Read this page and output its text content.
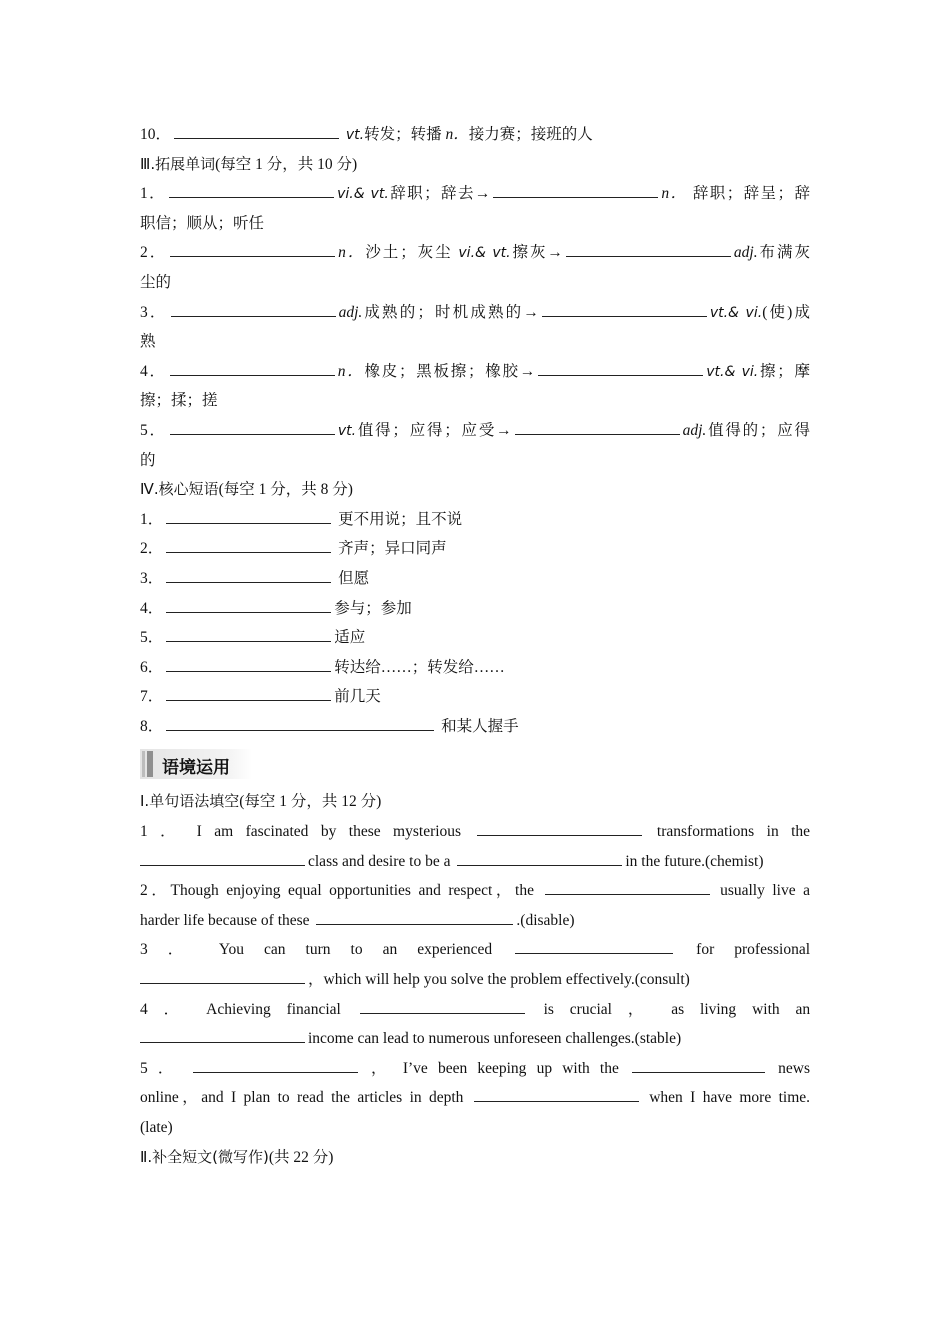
10．	vt.转发；转播 n．接力赛；接班的人
Ⅲ.拓展单词(每空 1 分，共 10 分)
1．	vi.& vt.辞职；辞去→	n． 辞职；辞呈；辞
职信；顺从；听任
2．	n．沙土；灰尘 vi.& vt.擦灰→	adj.布满灰
尘的
3．	adj.成熟的；时机成熟的→	vt.& vi.(使)成
熟
4．	n．橡皮；黑板擦；橡胶→	vt.& vi.擦；摩
擦；揉；搓
5．	vt.值得；应得；应受→	adj.值得的；应得
的
Ⅳ.核心短语(每空 1 分，共 8 分)
1．	更不用说；且不说
2．	齐声；异口同声
3．	但愿
4．	参与；参加
5．	适应
6．	转达给……；转发给……
7．	前几天
8．	和某人握手
语境运用
Ⅰ.单句语法填空(每空 1 分，共 12 分)
1 ． I am fascinated by these mysterious	transformations in the
class and desire to be a	in the future.(chemist)
2．Though enjoying equal opportunities and respect，the	usually live a
harder life because of these	.(disable)
3 ． You can turn to an experienced	for professional
，which will help you solve the problem effectively.(consult)
4 ． Achieving financial	is crucial ， as living with an
income can lead to numerous unforeseen challenges.(stable)
5 ．	， I’ve been keeping up with the	news
online，and I plan to read the articles in depth	when I have more time.
(late)
Ⅱ.补全短文(微写作)(共 22 分)
